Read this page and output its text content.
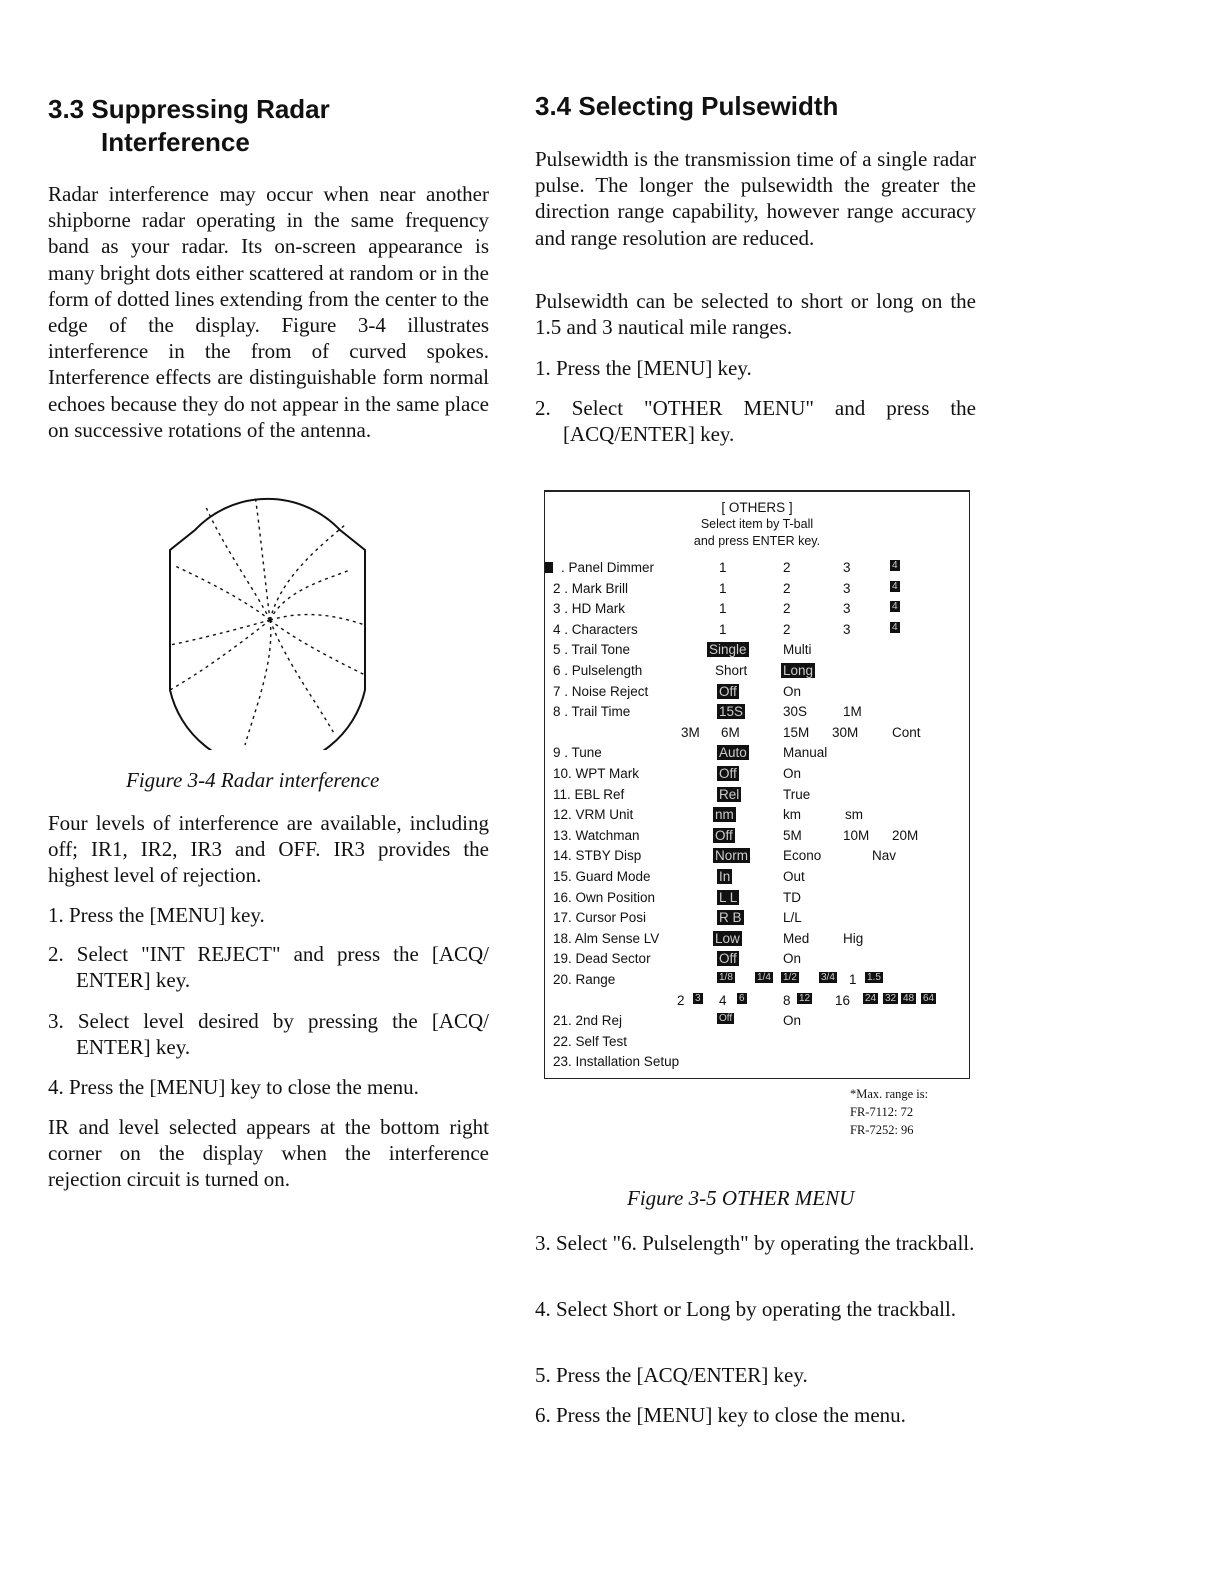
3.3 Suppressing Radar
Interference

Radar interference may occur when near another shipborne radar operating in the same frequency band as your radar. Its on-screen appearance is many bright dots either scattered at random or in the form of dotted lines extending from the center to the edge of the display. Figure 3-4 illustrates interference in the from of curved spokes. Interference effects are distinguishable form normal echoes because they do not appear in the same place on successive rotations of the antenna.

Figure 3-4 Radar interference

Four levels of interference are available, including off; IR1, IR2, IR3 and OFF. IR3 provides the highest level of rejection.

1. Press the [MENU] key.
2. Select "INT REJECT" and press the [ACQ/ ENTER] key.
3. Select level desired by pressing the [ACQ/ ENTER] key.
4. Press the [MENU] key to close the menu.

IR and level selected appears at the bottom right corner on the display when the interference rejection circuit is turned on.

3.4 Selecting Pulsewidth

Pulsewidth is the transmission time of a single radar pulse. The longer the pulsewidth the greater the direction range capability, however range accuracy and range resolution are reduced.

Pulsewidth can be selected to short or long on the 1.5 and 3 nautical mile ranges.

1. Press the [MENU] key.
2. Select "OTHER MENU" and press the [ACQ/ENTER] key.
[ OTHERS ]
Select item by T-ball
and press ENTER key.
. Panel Dimmer	1	2	3	4
2 . Mark Brill	1	2	3	4
3 . HD Mark	1	2	3	4
4 . Characters	1	2	3	4
5 . Trail Tone	Single	Multi
6 . Pulselength	Short	Long
7 . Noise Reject	Off	On
8 . Trail Time	15S	30S	1M
3M 6M	15M 30M Cont
9 . Tune	Auto	Manual
10. WPT Mark	Off	On
11. EBL Ref	Rel	True
12. VRM Unit	nm	km	sm
13. Watchman	Off	5M	10M 20M
14. STBY Disp	Norm	Econo	Nav
15. Guard Mode	In	Out
16. Own Position	L L	TD
17. Cursor Posi	R B	L/L
18. Alm Sense LV	Low	Med Hig
19. Dead Sector	Off	On
20. Range	1/8 1/4 1/2 3/4 1 1.5
2 3 4 6	8 12 16 24 32 48 64
21. 2nd Rej	Off	On
22. Self Test
23. Installation Setup
*Max. range is:
FR-7112: 72
FR-7252: 96
Figure 3-5 OTHER MENU
3. Select "6. Pulselength" by operating the trackball.
4. Select Short or Long by operating the trackball.
5. Press the [ACQ/ENTER] key.
6. Press the [MENU] key to close the menu.
